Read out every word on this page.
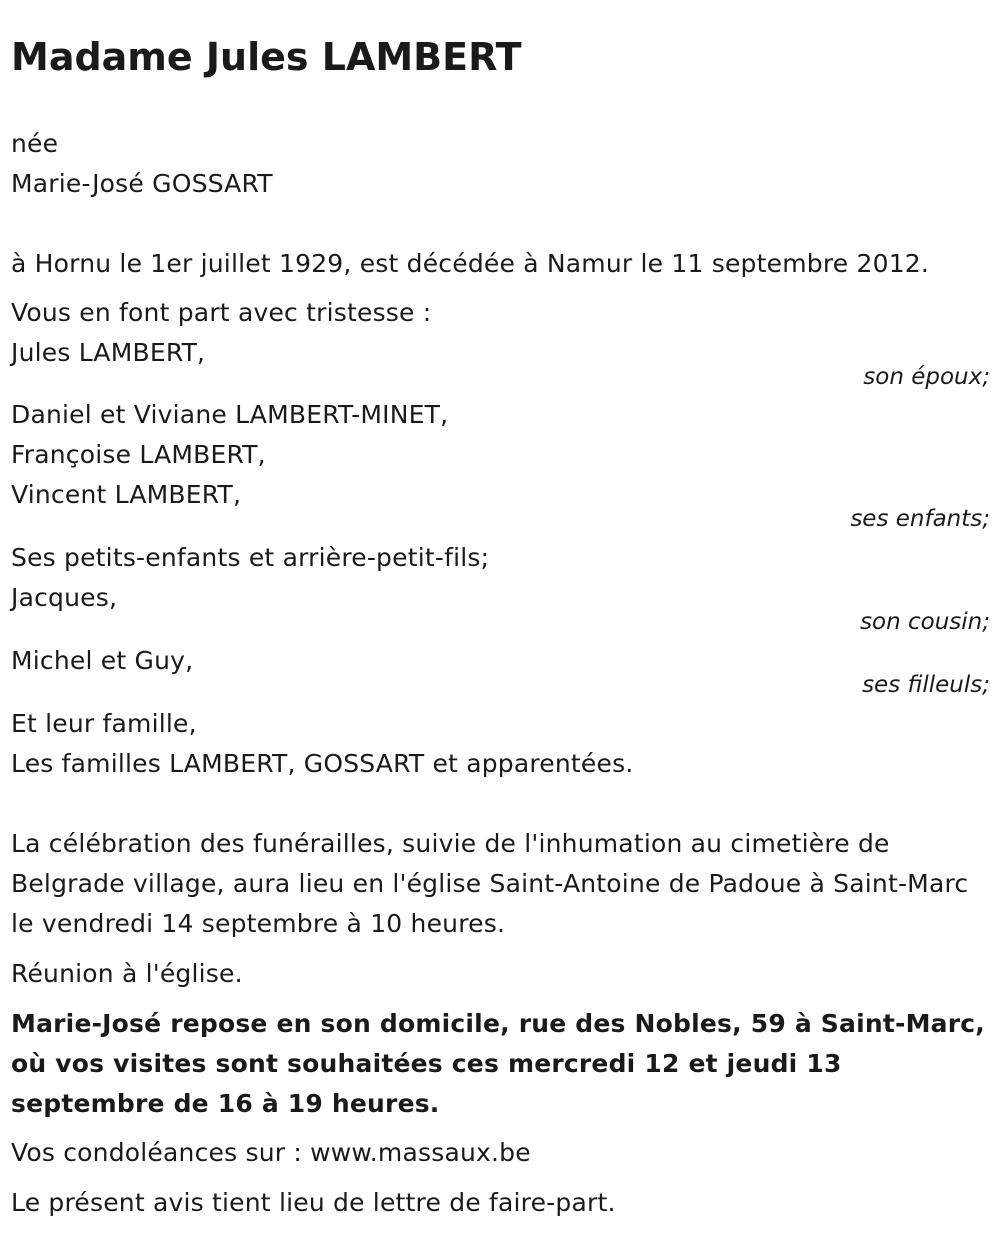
Madame Jules LAMBERT

née

Marie-José GOSSART

à Hornu le 1er juillet 1929, est décédée à Namur le 11 septembre 2012.

Vous en font part avec tristesse :

Jules LAMBERT,

son époux;

Daniel et Viviane LAMBERT-MINET,

Françoise LAMBERT,

Vincent LAMBERT,

ses enfants;

Ses petits-enfants et arrière-petit-fils;

Jacques,

son cousin;

Michel et Guy,

ses filleuls;

Et leur famille,

Les familles LAMBERT, GOSSART et apparentées.

La célébration des funérailles, suivie de l'inhumation au cimetière de Belgrade village, aura lieu en l'église Saint-Antoine de Padoue à Saint-Marc le vendredi 14 septembre à 10 heures.

Réunion à l'église.

Marie-José repose en son domicile, rue des Nobles, 59 à Saint-Marc, où vos visites sont souhaitées ces mercredi 12 et jeudi 13 septembre de 16 à 19 heures.

Vos condoléances sur : www.massaux.be

Le présent avis tient lieu de lettre de faire-part.
